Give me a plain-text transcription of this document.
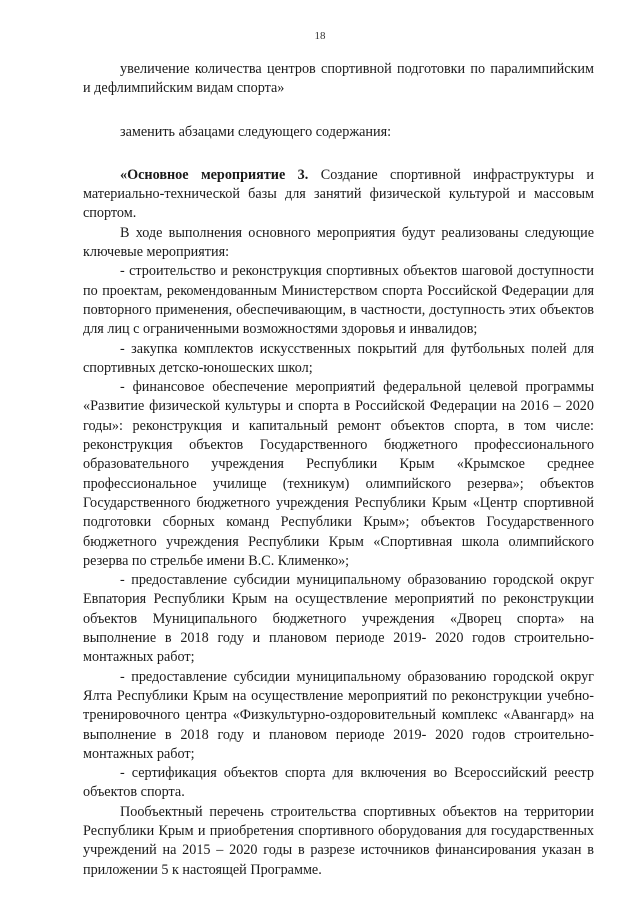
18

увеличение количества центров спортивной подготовки по паралимпийским и дефлимпийским видам спорта»

заменить абзацами следующего содержания:

«Основное мероприятие 3. Создание спортивной инфраструктуры и материально-технической базы для занятий физической культурой и массовым спортом.

В ходе выполнения основного мероприятия будут реализованы следующие ключевые мероприятия:

- строительство и реконструкция спортивных объектов шаговой доступности по проектам, рекомендованным Министерством спорта Российской Федерации для повторного применения, обеспечивающим, в частности, доступность этих объектов для лиц с ограниченными возможностями здоровья и инвалидов;

- закупка комплектов искусственных покрытий для футбольных полей для спортивных детско-юношеских школ;

- финансовое обеспечение мероприятий федеральной целевой программы «Развитие физической культуры и спорта в Российской Федерации на 2016 – 2020 годы»: реконструкция и капитальный ремонт объектов спорта, в том числе: реконструкция объектов Государственного бюджетного профессионального образовательного учреждения Республики Крым «Крымское среднее профессиональное училище (техникум) олимпийского резерва»; объектов Государственного бюджетного учреждения Республики Крым «Центр спортивной подготовки сборных команд Республики Крым»; объектов Государственного бюджетного учреждения Республики Крым «Спортивная школа олимпийского резерва по стрельбе имени В.С. Клименко»;

- предоставление субсидии муниципальному образованию городской округ Евпатория Республики Крым на осуществление мероприятий по реконструкции объектов Муниципального бюджетного учреждения «Дворец спорта» на выполнение в 2018 году и плановом периоде 2019- 2020 годов строительно-монтажных работ;

- предоставление субсидии муниципальному образованию городской округ Ялта Республики Крым на осуществление мероприятий по реконструкции учебно-тренировочного центра «Физкультурно-оздоровительный комплекс «Авангард» на выполнение в 2018 году и плановом периоде 2019- 2020 годов строительно-монтажных работ;

- сертификация объектов спорта для включения во Всероссийский реестр объектов спорта.

Пообъектный перечень строительства спортивных объектов на территории Республики Крым и приобретения спортивного оборудования для государственных учреждений на 2015 – 2020 годы в разрезе источников финансирования указан в приложении 5 к настоящей Программе.
